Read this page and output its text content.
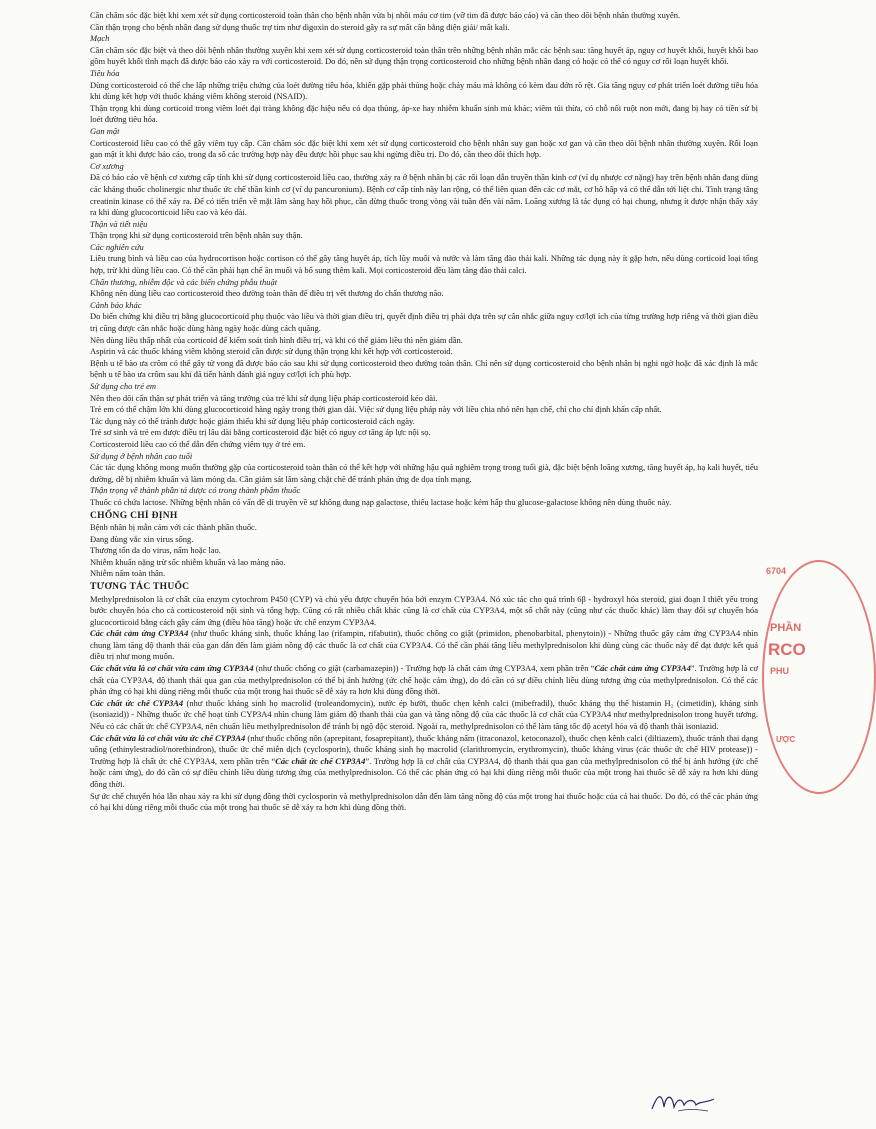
Cần chăm sóc đặc biệt khi xem xét sử dụng corticosteroid toàn thân cho bệnh nhân vừa bị nhồi máu cơ tim (vỡ tim đã được báo cáo) và cần theo dõi bệnh nhân thường xuyên.

Cần thận trọng cho bệnh nhân đang sử dụng thuốc trợ tim như digoxin do steroid gây ra sự mất cân bằng điện giải/ mất kali.

Mạch

Cần chăm sóc đặc biệt và theo dõi bệnh nhân thường xuyên khi xem xét sử dụng corticosteroid toàn thân trên những bệnh nhân mắc các bệnh sau: tăng huyết áp, nguy cơ huyết khối, huyết khối bao gồm huyết khối tĩnh mạch đã được báo cáo xảy ra với corticosteroid. Do đó, nên sử dụng thận trọng corticosteroid cho những bệnh nhân đang có hoặc có thể có nguy cơ rối loạn huyết khối.

Tiêu hóa

Dùng corticosteroid có thể che lấp những triệu chứng của loét đường tiêu hóa, khiến gặp phải thủng hoặc chảy máu mà không có kèm đau đớn rõ rệt. Gia tăng nguy cơ phát triển loét đường tiêu hóa khi dùng kết hợp với thuốc kháng viêm không steroid (NSAID).

Thận trọng khi dùng corticoid trong viêm loét đại tràng không đặc hiệu nếu có dọa thủng, áp-xe hay nhiễm khuẩn sinh mủ khác; viêm túi thừa, có chỗ nối ruột non mới, đang bị hay có tiền sử bị loét đường tiêu hóa.

Gan mật

Corticosteroid liều cao có thể gây viêm tụy cấp. Cần chăm sóc đặc biệt khi xem xét sử dụng corticosteroid cho bệnh nhân suy gan hoặc xơ gan và cần theo dõi bệnh nhân thường xuyên. Rối loạn gan mật ít khi được báo cáo, trong đa số các trường hợp này đều được hồi phục sau khi ngừng điều trị. Do đó, cần theo dõi thích hợp.

Cơ xương

Đã có báo cáo về bệnh cơ xương cấp tính khi sử dụng corticosteroid liều cao, thường xảy ra ở bệnh nhân bị các rối loạn dẫn truyền thần kinh cơ (ví dụ nhược cơ nặng) hay trên bệnh nhân đang dùng các kháng thuốc cholinergic như thuốc ức chế thần kinh cơ (ví dụ pancuronium). Bệnh cơ cấp tính này lan rộng, có thể liên quan đến các cơ mắt, cơ hô hấp và có thể dẫn tới liệt chi. Tình trạng tăng creatinin kinase có thể xảy ra. Để có tiến triển về mặt lâm sàng hay hồi phục, cần dừng thuốc trong vòng vài tuần đến vài năm. Loãng xương là tác dụng có hại chung, nhưng ít được nhận thấy xảy ra khi dùng glucocorticoid liều cao và kéo dài.

Thận và tiết niệu

Thận trọng khi sử dụng corticosteroid trên bệnh nhân suy thận.

Các nghiên cứu

Liều trung bình và liều cao của hydrocortison hoặc cortison có thể gây tăng huyết áp, tích lũy muối và nước và làm tăng đào thải kali. Những tác dụng này ít gặp hơn, nếu dùng corticoid loại tổng hợp, trừ khi dùng liều cao. Có thể cần phải hạn chế ăn muối và bổ sung thêm kali. Mọi corticosteroid đều làm tăng đào thải calci.

Chấn thương, nhiễm độc và các biến chứng phẫu thuật

Không nên dùng liều cao corticosteroid theo đường toàn thân để điều trị vết thương do chấn thương não.

Cảnh báo khác

Do biến chứng khi điều trị bằng glucocorticoid phụ thuộc vào liều và thời gian điều trị, quyết định điều trị phải dựa trên sự cân nhắc giữa nguy cơ/lợi ích của từng trường hợp riêng và thời gian điều trị cũng được cân nhắc hoặc dùng hàng ngày hoặc dùng cách quãng.

Nên dùng liều thấp nhất của corticoid để kiểm soát tình hình điều trị, và khi có thể giảm liều thì nên giảm dần.

Aspirin và các thuốc kháng viêm không steroid cần được sử dụng thận trọng khi kết hợp với corticosteroid.

Bệnh u tế bào ưa crôm có thể gây tử vong đã được báo cáo sau khi sử dụng corticosteroid theo đường toàn thân. Chỉ nên sử dụng corticosteroid cho bệnh nhân bị nghi ngờ hoặc đã xác định là mắc bệnh u tế bào ưa crôm sau khi đã tiến hành đánh giá nguy cơ/lợi ích phù hợp.

Sử dụng cho trẻ em

Nên theo dõi cẩn thận sự phát triển và tăng trưởng của trẻ khi sử dụng liệu pháp corticosteroid kéo dài.

Trẻ em có thể chậm lớn khi dùng glucocorticoid hàng ngày trong thời gian dài. Việc sử dụng liệu pháp này với liều chia nhỏ nên hạn chế, chỉ cho chỉ định khẩn cấp nhất.

Tác dụng này có thể tránh được hoặc giảm thiểu khi sử dụng liệu pháp corticosteroid cách ngày.

Trẻ sơ sinh và trẻ em được điều trị lâu dài bằng corticosteroid đặc biệt có nguy cơ tăng áp lực nội sọ.

Corticosteroid liều cao có thể dẫn đến chứng viêm tụy ở trẻ em.

Sử dụng ở bệnh nhân cao tuổi

Các tác dụng không mong muốn thường gặp của corticosteroid toàn thân có thể kết hợp với những hậu quả nghiêm trọng trong tuổi già, đặc biệt bệnh loãng xương, tăng huyết áp, hạ kali huyết, tiểu đường, dễ bị nhiễm khuẩn và làm mỏng da. Cần giám sát lâm sàng chặt chẽ để tránh phản ứng đe dọa tính mạng.

Thận trọng về thành phần tá dược có trong thành phẩm thuốc

Thuốc có chứa lactose. Những bệnh nhân có vấn đề di truyền về sự không dung nạp galactose, thiếu lactase hoặc kém hấp thu glucose-galactose không nên dùng thuốc này.

CHỐNG CHỈ ĐỊNH

Bệnh nhân bị mẫn cảm với các thành phần thuốc.

Đang dùng vắc xin virus sống.

Thương tổn da do virus, nấm hoặc lao.

Nhiễm khuẩn nặng trừ sốc nhiễm khuẩn và lao màng não.

Nhiễm nấm toàn thân.

TƯƠNG TÁC THUỐC

Methylprednisolon là cơ chất của enzym cytochrom P450 (CYP) và chủ yếu được chuyển hóa bởi enzym CYP3A4. Nó xúc tác cho quá trình 6β - hydroxyl hóa steroid, giai đoạn I thiết yếu trong bước chuyển hóa cho cả corticosteroid nội sinh và tổng hợp. Cũng có rất nhiều chất khác cũng là cơ chất của CYP3A4, một số chất này (cũng như các thuốc khác) làm thay đổi sự chuyển hóa glucocorticoid bằng cách gây cảm ứng (điều hòa tăng) hoặc ức chế enzym CYP3A4.

Các chất cảm ứng CYP3A4 (như thuốc kháng sinh, thuốc kháng lao (rifampin, rifabutin), thuốc chống co giật (primidon, phenobarbital, phenytoin)) - Những thuốc gây cảm ứng CYP3A4 nhìn chung làm tăng độ thanh thải của gan dẫn đến làm giảm nồng độ các thuốc là cơ chất của CYP3A4. Có thể cần phải tăng liều methylprednisolon khi dùng cùng các thuốc này để đạt được kết quả điều trị như mong muốn.

Các chất vừa là cơ chất vừa cảm ứng CYP3A4 (như thuốc chống co giật (carbamazepin)) - Trường hợp là chất cảm ứng CYP3A4, xem phần trên “Các chất cảm ứng CYP3A4”. Trường hợp là cơ chất của CYP3A4, độ thanh thải qua gan của methylprednisolon có thể bị ảnh hưởng (ức chế hoặc cảm ứng), do đó cần có sự điều chỉnh liều dùng tương ứng của methylprednisolon. Có thể các phản ứng có hại khi dùng riêng mỗi thuốc của một trong hai thuốc sẽ dễ xảy ra hơn khi dùng đồng thời.

Các chất ức chế CYP3A4 (như thuốc kháng sinh họ macrolid (troleandomycin), nước ép bưởi, thuốc chẹn kênh calci (mibefradil), thuốc kháng thụ thể histamin H₂ (cimetidin), kháng sinh (isoniazid)) - Những thuốc ức chế hoạt tính CYP3A4 nhìn chung làm giảm độ thanh thải của gan và tăng nồng độ của các thuốc là cơ chất của CYP3A4 như methylprednisolon trong huyết tương. Nếu có các chất ức chế CYP3A4, nên chuẩn liều methylprednisolon để tránh bị ngộ độc steroid. Ngoài ra, methylprednisolon có thể làm tăng tốc độ acetyl hóa và độ thanh thải isoniazid.

Các chất vừa là cơ chất vừa ức chế CYP3A4 (như thuốc chống nôn (aprepitant, fosaprepitant), thuốc kháng nấm (itraconazol, ketoconazol), thuốc chẹn kênh calci (diltiazem), thuốc tránh thai dạng uống (ethinylestradiol/norethindron), thuốc ức chế miễn dịch (cyclosporin), thuốc kháng sinh họ macrolid (clarithromycin, erythromycin), thuốc kháng virus (các thuốc ức chế HIV protease)) - Trường hợp là chất ức chế CYP3A4, xem phần trên “Các chất ức chế CYP3A4”. Trường hợp là cơ chất của CYP3A4, độ thanh thải qua gan của methylprednisolon có thể bị ảnh hưởng (ức chế hoặc cảm ứng), do đó cần có sự điều chỉnh liều dùng tương ứng của methylprednisolon. Có thể các phản ứng có hại khi dùng riêng mỗi thuốc của một trong hai thuốc sẽ dễ xảy ra hơn khi dùng đồng thời.

Sự ức chế chuyển hóa lẫn nhau xảy ra khi sử dụng đồng thời cyclosporin và methylprednisolon dẫn đến làm tăng nồng độ của một trong hai thuốc hoặc của cả hai thuốc. Do đó, có thể các phản ứng có hại khi dùng riêng mỗi thuốc của một trong hai thuốc sẽ dễ xảy ra hơn khi dùng đồng thời.

6704
PHẦN
RCO
PHU
ƯỢC
